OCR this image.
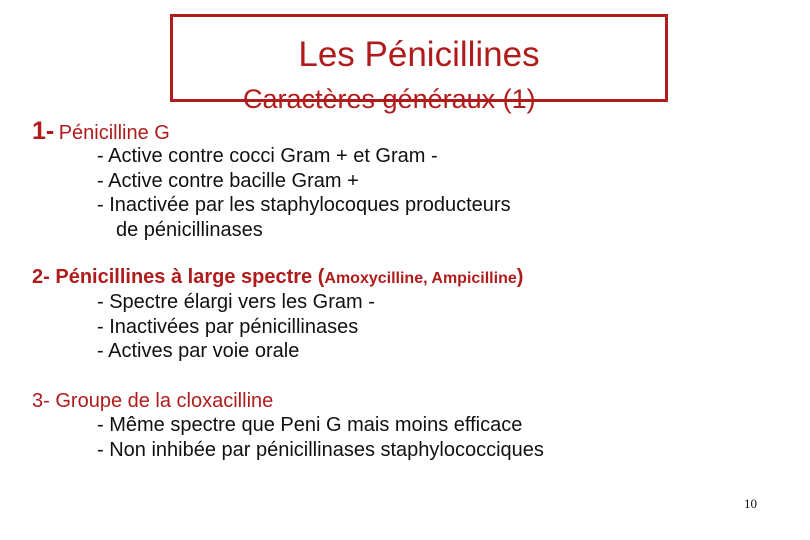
Les Pénicillines
Caractères généraux (1)
1- Pénicilline G
- Active contre cocci Gram + et Gram -
- Active contre bacille Gram +
- Inactivée par les staphylocoques producteurs
de pénicillinases
2- Pénicillines à large spectre (Amoxycilline, Ampicilline)
- Spectre élargi vers les Gram -
- Inactivées par pénicillinases
- Actives par voie orale
3- Groupe de la cloxacilline
- Même spectre que Peni G mais moins efficace
- Non inhibée par pénicillinases staphylococciques
10
